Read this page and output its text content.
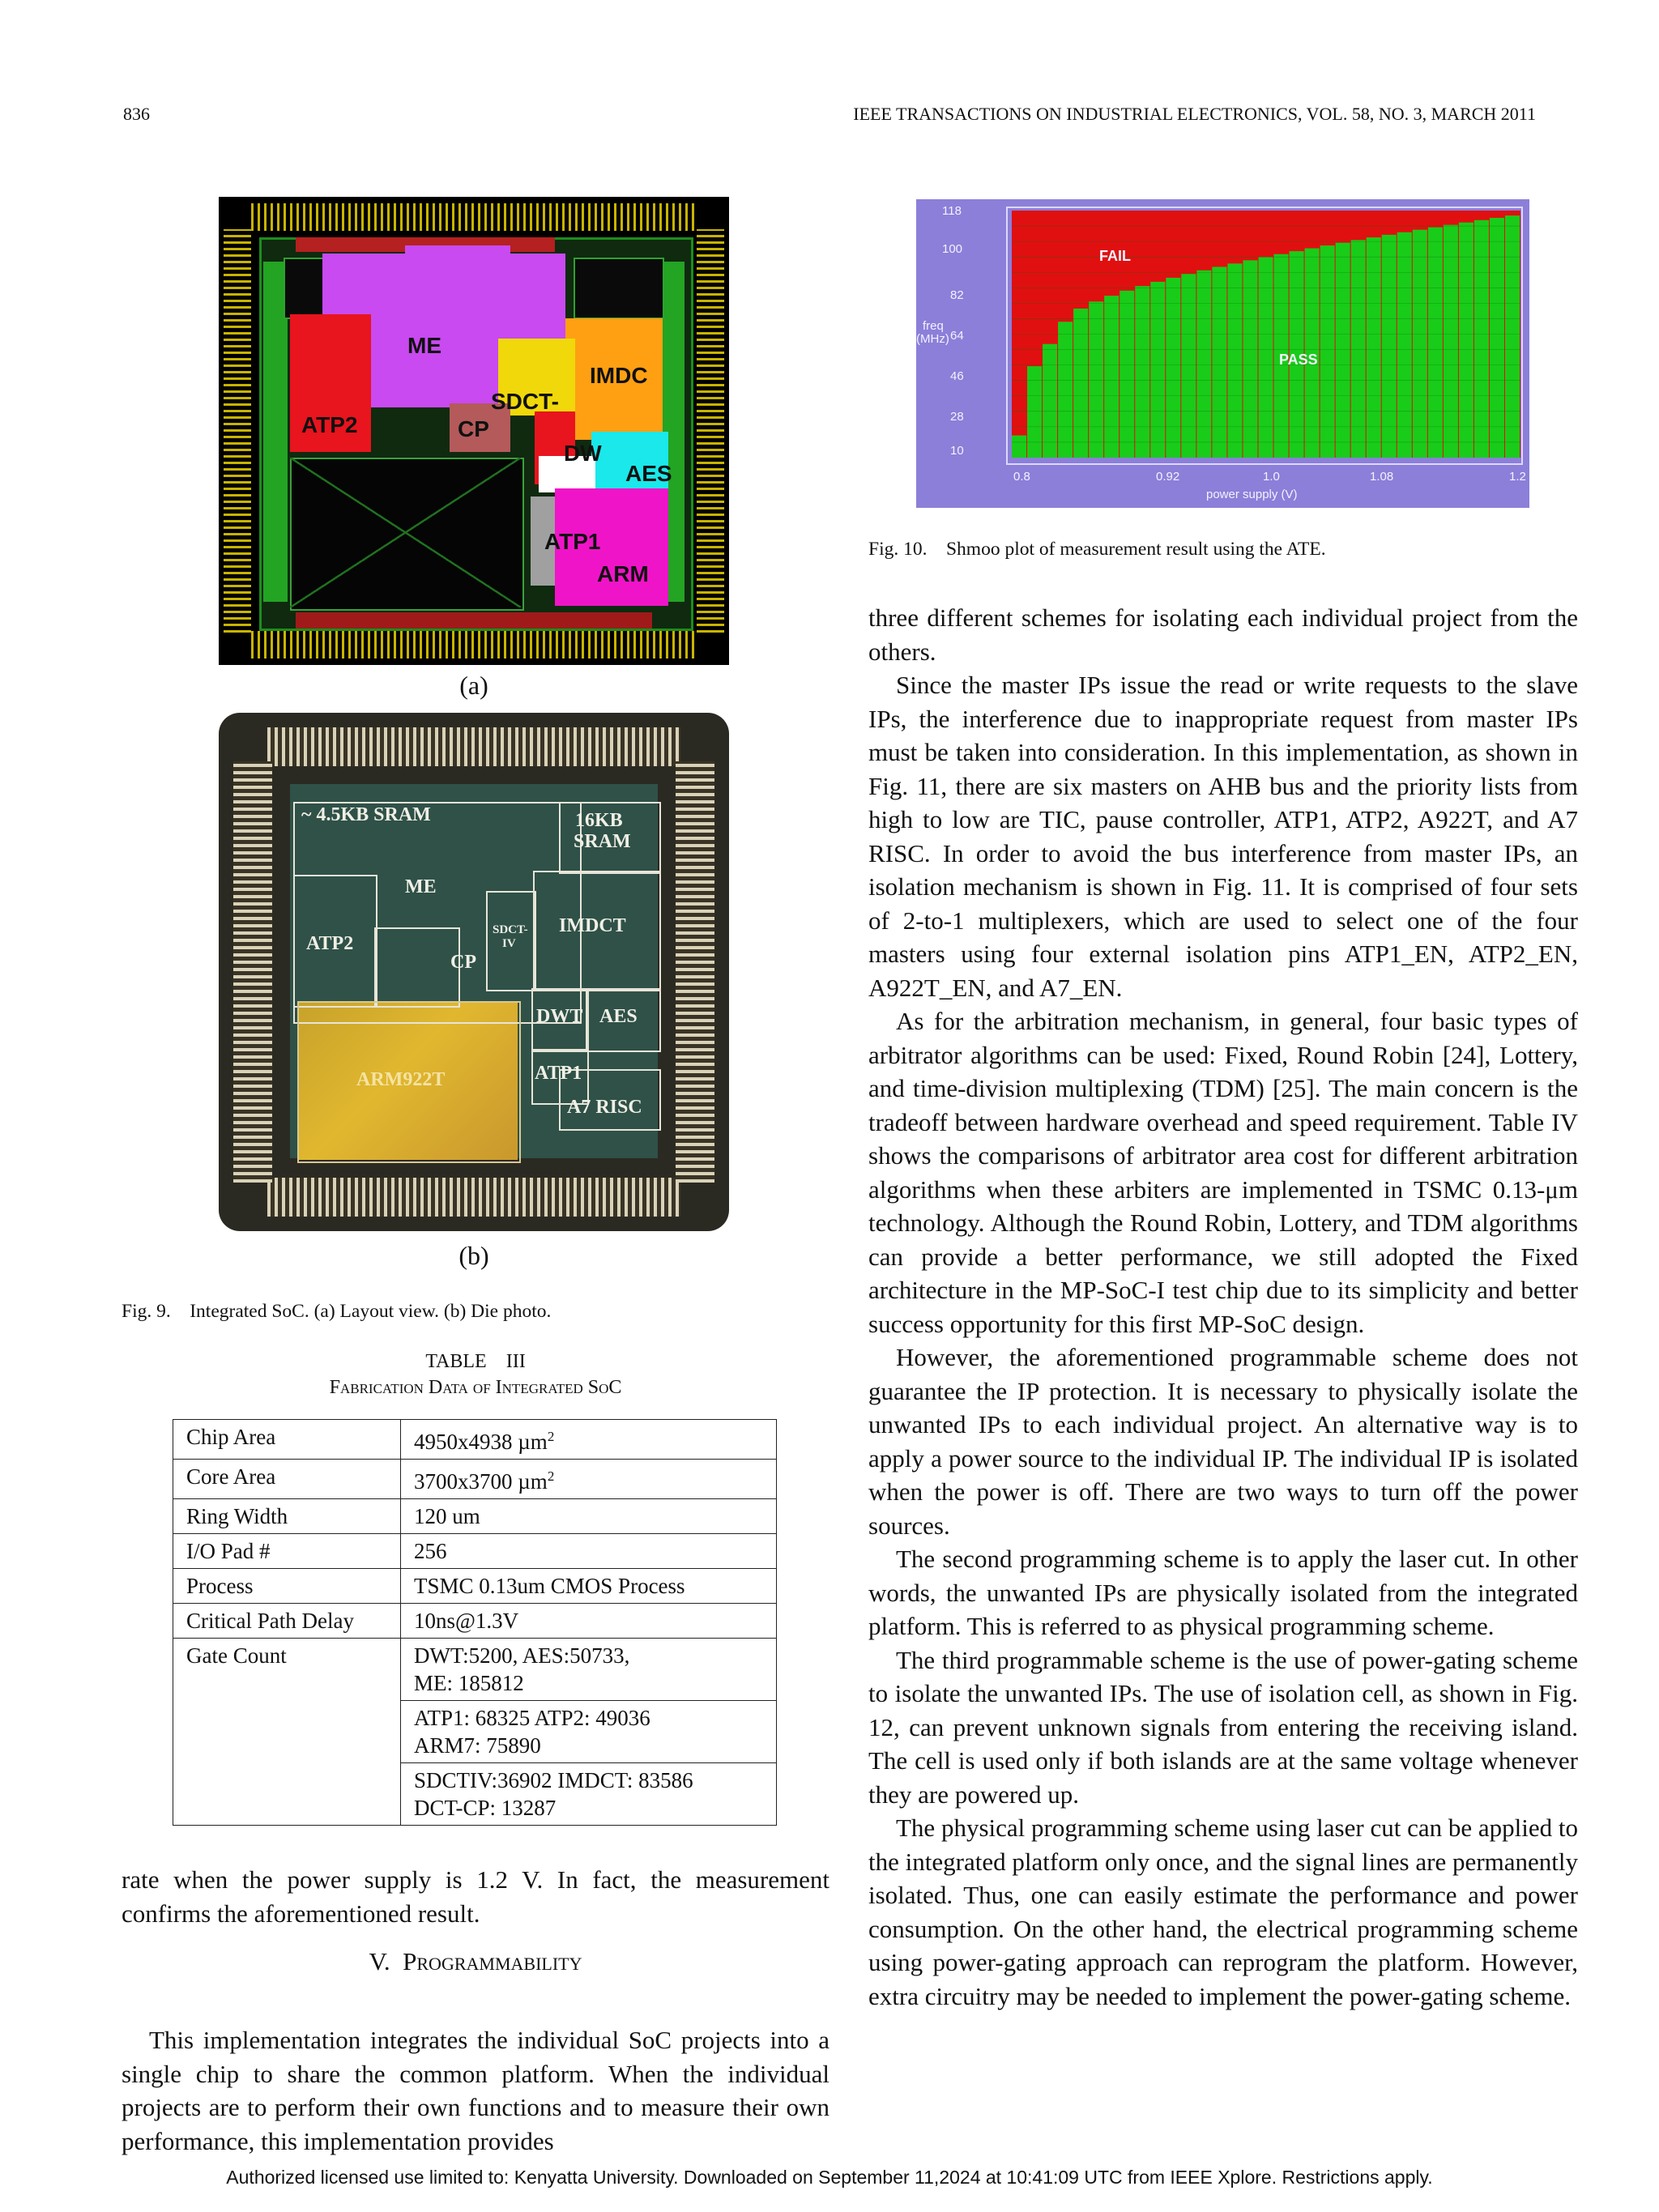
836	IEEE TRANSACTIONS ON INDUSTRIAL ELECTRONICS, VOL. 58, NO. 3, MARCH 2011
ME
IMDC
SDCT-
ATP2	CP
DW
AES
ATP1
ARM
(a)
~ 4.5KB SRAM	16KB
SRAM
ME
ATP2
CP
SDCT-
IV
IMDCT
DWT AES
ARM922T	ATP1
A7 RISC
(b)
Fig. 9. Integrated SoC. (a) Layout view. (b) Die photo.
TABLE III
Fabrication Data of Integrated SoC
Chip Area	4950x4938 µm$^2$
Core Area	3700x3700 µm$^2$
Ring Width	120 um
I/O Pad #	256
Process	TSMC 0.13um CMOS Process
Critical Path Delay	10ns@1.3V
Gate Count	DWT:5200, AES:50733,
ME: 185812

	ATP1: 68325 ATP2: 49036
ARM7: 75890

	SDCTIV:36902 IMDCT: 83586
DCT-CP: 13287

rate when the power supply is 1.2 V. In fact, the measurement confirms the aforementioned result.

V. Programmability

This implementation integrates the individual SoC projects into a single chip to share the common platform. When the individual projects are to perform their own functions and to measure their own performance, this implementation provides

118
100
82
64
46
28
10
freq
(MHz)
0.8	0.92	1.0	1.08	1.2
power supply (V)
FAIL
PASS
Fig. 10. Shmoo plot of measurement result using the ATE.

three different schemes for isolating each individual project from the others.

Since the master IPs issue the read or write requests to the slave IPs, the interference due to inappropriate request from master IPs must be taken into consideration. In this implementation, as shown in Fig. 11, there are six masters on AHB bus and the priority lists from high to low are TIC, pause controller, ATP1, ATP2, A922T, and A7 RISC. In order to avoid the bus interference from master IPs, an isolation mechanism is shown in Fig. 11. It is comprised of four sets of 2-to-1 multiplexers, which are used to select one of the four masters using four external isolation pins ATP1_EN, ATP2_EN, A922T_EN, and A7_EN.

As for the arbitration mechanism, in general, four basic types of arbitrator algorithms can be used: Fixed, Round Robin [24], Lottery, and time-division multiplexing (TDM) [25]. The main concern is the tradeoff between hardware overhead and speed requirement. Table IV shows the comparisons of arbitrator area cost for different arbitration algorithms when these arbiters are implemented in TSMC 0.13-μm technology. Although the Round Robin, Lottery, and TDM algorithms can provide a better performance, we still adopted the Fixed architecture in the MP-SoC-I test chip due to its simplicity and better success opportunity for this first MP-SoC design.

However, the aforementioned programmable scheme does not guarantee the IP protection. It is necessary to physically isolate the unwanted IPs to each individual project. An alternative way is to apply a power source to the individual IP. The individual IP is isolated when the power is off. There are two ways to turn off the power sources.

The second programming scheme is to apply the laser cut. In other words, the unwanted IPs are physically isolated from the integrated platform. This is referred to as physical programming scheme.

The third programmable scheme is the use of power-gating scheme to isolate the unwanted IPs. The use of isolation cell, as shown in Fig. 12, can prevent unknown signals from entering the receiving island. The cell is used only if both islands are at the same voltage whenever they are powered up.

The physical programming scheme using laser cut can be applied to the integrated platform only once, and the signal lines are permanently isolated. Thus, one can easily estimate the performance and power consumption. On the other hand, the electrical programming scheme using power-gating approach can reprogram the platform. However, extra circuitry may be needed to implement the power-gating scheme.

Authorized licensed use limited to: Kenyatta University. Downloaded on September 11,2024 at 10:41:09 UTC from IEEE Xplore. Restrictions apply.
